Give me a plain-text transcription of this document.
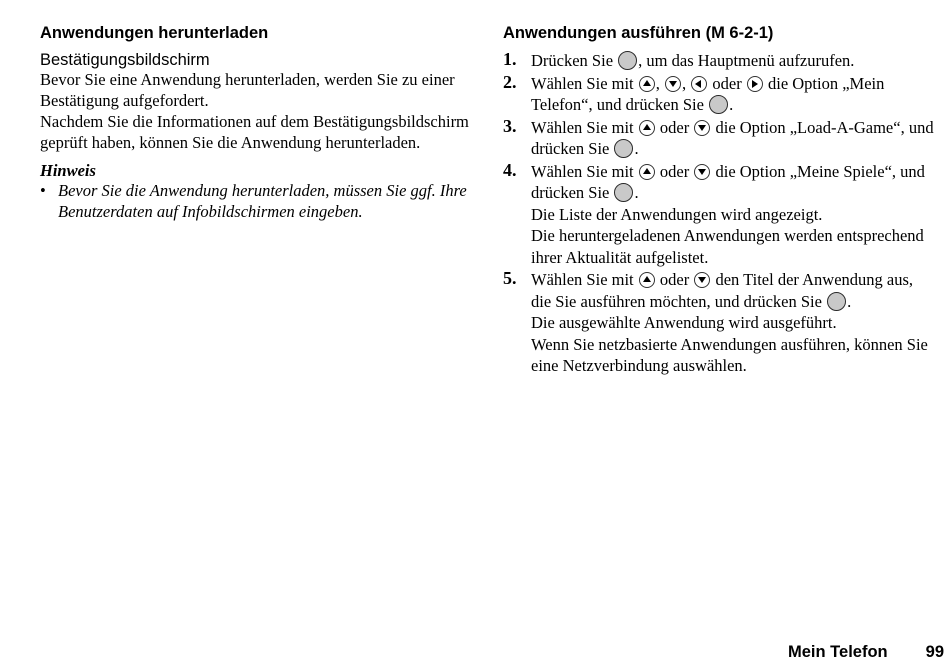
Anwendungen herunterladen
Bestätigungsbildschirm
Bevor Sie eine Anwendung herunterladen, werden Sie zu einer Bestätigung aufgefordert.
Nachdem Sie die Informationen auf dem Bestätigungsbildschirm geprüft haben, können Sie die Anwendung herunterladen.
Hinweis
• Bevor Sie die Anwendung herunterladen, müssen Sie ggf. Ihre Benutzerdaten auf Infobildschirmen eingeben.
Anwendungen ausführen (M 6-2-1)
1. Drücken Sie , um das Hauptmenü aufzurufen.
2. Wählen Sie mit , , oder die Option „Mein Telefon“, und drücken Sie .
3. Wählen Sie mit oder die Option „Load-A-Game“, und drücken Sie .
4. Wählen Sie mit oder die Option „Meine Spiele“, und drücken Sie .
Die Liste der Anwendungen wird angezeigt.
Die heruntergeladenen Anwendungen werden entsprechend ihrer Aktualität aufgelistet.
5. Wählen Sie mit oder den Titel der Anwendung aus, die Sie ausführen möchten, und drücken Sie .
Die ausgewählte Anwendung wird ausgeführt.
Wenn Sie netzbasierte Anwendungen ausführen, können Sie eine Netzverbindung auswählen.
Mein Telefon 99
